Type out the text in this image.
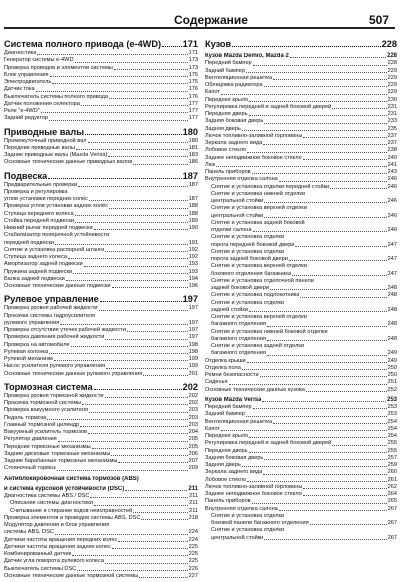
Содержание	507
Система полного привода (e-4WD) 171
Диагностика	171
Генератор системы e-4WD	173
Проверка проводов и элементов системы	173
Блок управления	175
Электродвигатель	175
Датчик тока	176
Выключатель системы полного привода	176
Датчик положения селектора	177
Реле "e-4WD"	177
Задний редуктор	177
Приводные валы	180
Промежуточный приводной вал	180
Передние приводные валы	181
Задние приводные валы (Mazda Verisa)	183
Основные технические данные приводных валов	186
Подвеска	187
Предварительные проверки	187
Проверка и регулировка
углов установки передних колёс	187
Проверка углов установки задних колёс	188
Ступица переднего колеса	188
Стойка передней подвески	189
Нижний рычаг передней подвески	190
Стабилизатор поперечной устойчивости
передней подвески	191
Снятие и установка распорной штанги	192
Ступица заднего колеса	192
Амортизатор задней подвески	193
Пружина задней подвески	193
Балка задней подвески	194
Основные технические данные подвески	196
Рулевое управление	197
Проверка уровня рабочей жидкости	197
Прокачка системы гидроусилителя
рулевого управления	197
Проверка отсутствия утечек рабочей жидкости	197
Проверка давления рабочей жидкости	197
Проверка на автомобиле	198
Рулевая колонка	198
Рулевой механизм	199
Насос усилителя рулевого управления	199
Основные технические данные рулевого управления	201
Тормозная система	202
Проверка уровня тормозной жидкости	202
Прокачка тормозной системы	202
Проверка вакуумного усилителя	203
Педаль тормоза	203
Главный тормозной цилиндр	203
Вакуумный усилитель тормозов	204
Регулятор давления	205
Передние тормозные механизмы	205
Задние дисковые тормозные механизмы	206
Задние барабанные тормозные механизмы	207
Стояночный тормоз	209
Антиблокировочная система тормозов (ABS)
и система курсовой устойчивости (DSC)	211
Диагностика системы ABS / DSC	211
Описание системы диагностики	211
Считывание и стирание кодов неисправностей	211
Проверка элементов и проводов системы ABS, DSC	218
Модулятор давления и блок управления
системы ABS, DSC	224
Датчики частоты вращения передних колес	224
Датчики частоты вращения задних колес	225
Комбинированный датчик	225
Датчик угла поворота рулевого колеса	225
Выключатель системы DSC	226
Основные технические данные тормозной системы	227
Кузов	228
Кузов Mazda Demio, Mazda 2	228
Передний бампер	228
Задний бампер	229
Вентиляционная решетка	229
Облицовка радиатора	229
Капот	229
Переднее крыло	230
Регулировка передней и задней боковой дверей	231
Передняя дверь	231
Задняя боковая дверь	233
Задняя дверь	235
Лючок топливно-заливной горловины	237
Зеркала заднего вида	237
Лобовое стекло	238
Заднее неподвижное боковое стекло	240
Люк	241
Панель приборов	243
Внутренняя отделка салона	246
Снятие и установка отделки передней стойки	246
Снятие и установка нижней отделки
центральной стойки	246
Снятие и установка верхней отделки
центральной стойки	246
Снятие и установка задней боковой
отделки салона	246
Снятие и установка отделки
порога передней боковой двери	247
Снятие и установка отделки
порога задней боковой двери	247
Снятие и установка верхней отделки
бокового отделения багажника	247
Снятие и установка отделочной панели
задней боковой двери	248
Снятие и установка подлокотника	248
Снятие и установка отделки
задней стойки	248
Снятие и установка верхней отделки
багажного отделения	248
Снятие и установка нижней боковой отделки
багажного отделения	248
Снятие и установка задней отделки
багажного отделения	249
Отделка крыши	249
Отделка пола	250
Ремни безопасности	250
Сиденья	251
Основные технические данные кузова	252
Кузов Mazda Verisa	253
Передний бампер	253
Задний бампер	253
Вентиляционная решетка	254
Капот	254
Переднее крыло	254
Регулировка передней и задней боковой дверей	255
Передняя дверь	255
Задняя боковая дверь	257
Задняя дверь	259
Зеркала заднего вида	260
Лобовое стекло	261
Лючок топливно-заливной горловины	262
Заднее неподвижное боковое стекло	264
Панель приборов	265
Внутренняя отделка салона	267
Снятие и установка отделки
боковой панели багажного отделения	267
Снятие и установка отделки
центральной стойки	267
